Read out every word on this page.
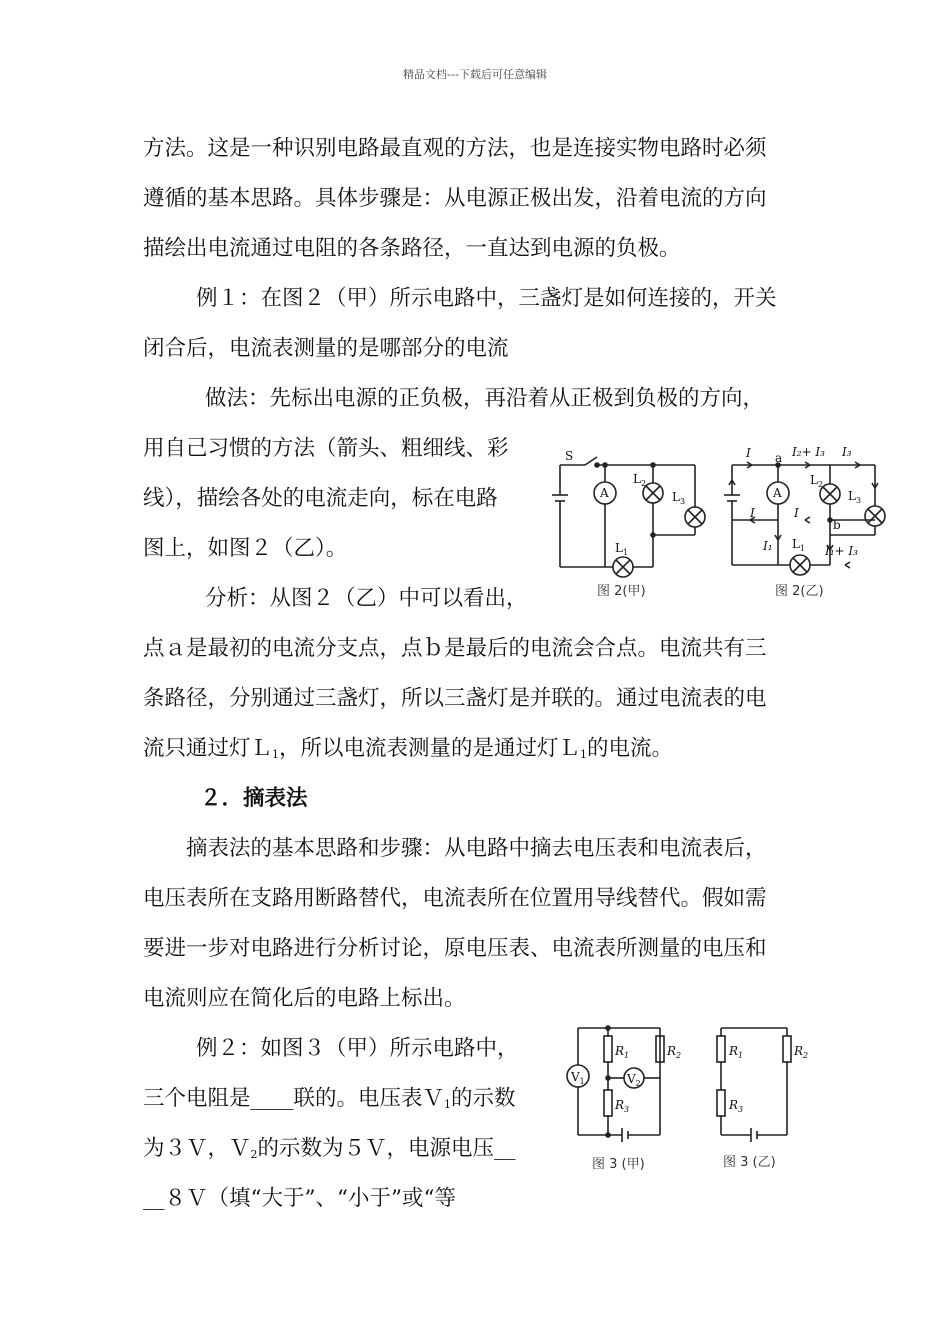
精品文档---下载后可任意编辑
方法。这是一种识别电路最直观的方法，也是连接实物电路时必须
遵循的基本思路。具体步骤是：从电源正极出发，沿着电流的方向
描绘出电流通过电阻的各条路径，一直达到电源的负极。
例１：在图２（甲）所示电路中，三盏灯是如何连接的，开关
闭合后，电流表测量的是哪部分的电流
做法：先标出电源的正负极，再沿着从正极到负极的方向，
用自己习惯的方法（箭头、粗细线、彩
线），描绘各处的电流走向，标在电路
图上，如图２（乙）。
分析：从图２（乙）中可以看出，
点ａ是最初的电流分支点，点ｂ是最后的电流会合点。电流共有三
条路径，分别通过三盏灯，所以三盏灯是并联的。通过电流表的电
流只通过灯Ｌ$_1$，所以电流表测量的是通过灯Ｌ$_1$的电流。
２．摘表法
摘表法的基本思路和步骤：从电路中摘去电压表和电流表后，
电压表所在支路用断路替代，电流表所在位置用导线替代。假如需
要进一步对电路进行分析讨论，原电压表、电流表所测量的电压和
电流则应在简化后的电路上标出。
例２：如图３（甲）所示电路中，
三个电阻是____联的。电压表Ｖ$_1$的示数
为３Ｖ，Ｖ$_2$的示数为５Ｖ，电源电压__
__８Ｖ（填“大于”、“小于”或“等
S
A
$L_2$
$L_3$
$L_1$
图 2(甲)
I a I₂+ I₃ I₃
A
$L_2$
$L_3$
I	I
b
I₁ $L_1$ I₁+ I₃
图 2(乙)
$V_1$	$V_2$
$R_1$	$R_2$
$R_3$
图 3 (甲)
$R_1$	$R_2$
$R_3$
图 3 (乙)
